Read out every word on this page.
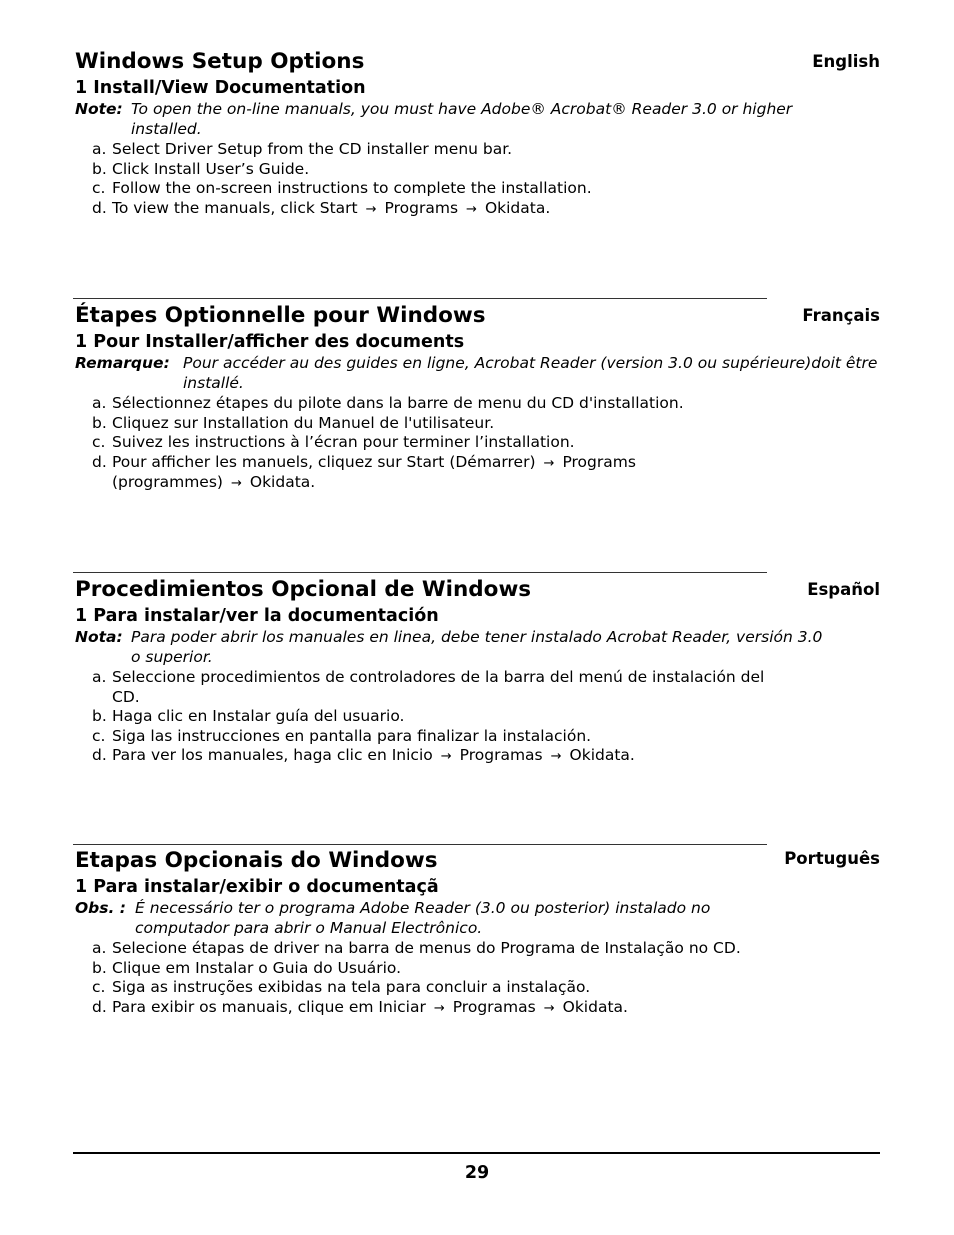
English
Windows Setup Options
1 Install/View Documentation
Note: To open the on-line manuals, you must have Adobe® Acrobat® Reader 3.0 or higher installed.
a. Select Driver Setup from the CD installer menu bar.
b. Click Install User’s Guide.
c. Follow the on-screen instructions to complete the installation.
d. To view the manuals, click Start → Programs → Okidata.
Français
Étapes Optionnelle pour Windows
1 Pour Installer/afficher des documents
Remarque: Pour accéder au des guides en ligne, Acrobat Reader (version 3.0 ou supérieure)doit être installé.
a. Sélectionnez étapes du pilote dans la barre de menu du CD d'installation.
b. Cliquez sur Installation du Manuel de l'utilisateur.
c. Suivez les instructions à l’écran pour terminer l’installation.
d. Pour afficher les manuels, cliquez sur Start (Démarrer) → Programs (programmes) → Okidata.
Español
Procedimientos Opcional de Windows
1 Para instalar/ver la documentación
Nota: Para poder abrir los manuales en linea, debe tener instalado Acrobat Reader, versión 3.0 o superior.
a. Seleccione procedimientos de controladores de la barra del menú de instalación del CD.
b. Haga clic en Instalar guía del usuario.
c. Siga las instrucciones en pantalla para finalizar la instalación.
d. Para ver los manuales, haga clic en Inicio → Programas → Okidata.
Português
Etapas Opcionais do Windows
1 Para instalar/exibir o documentaçã
Obs. : É necessário ter o programa Adobe Reader (3.0 ou posterior) instalado no computador para abrir o Manual Electrônico.
a. Selecione étapas de driver na barra de menus do Programa de Instalação no CD.
b. Clique em Instalar o Guia do Usuário.
c. Siga as instruções exibidas na tela para concluir a instalação.
d. Para exibir os manuais, clique em Iniciar → Programas → Okidata.
29
